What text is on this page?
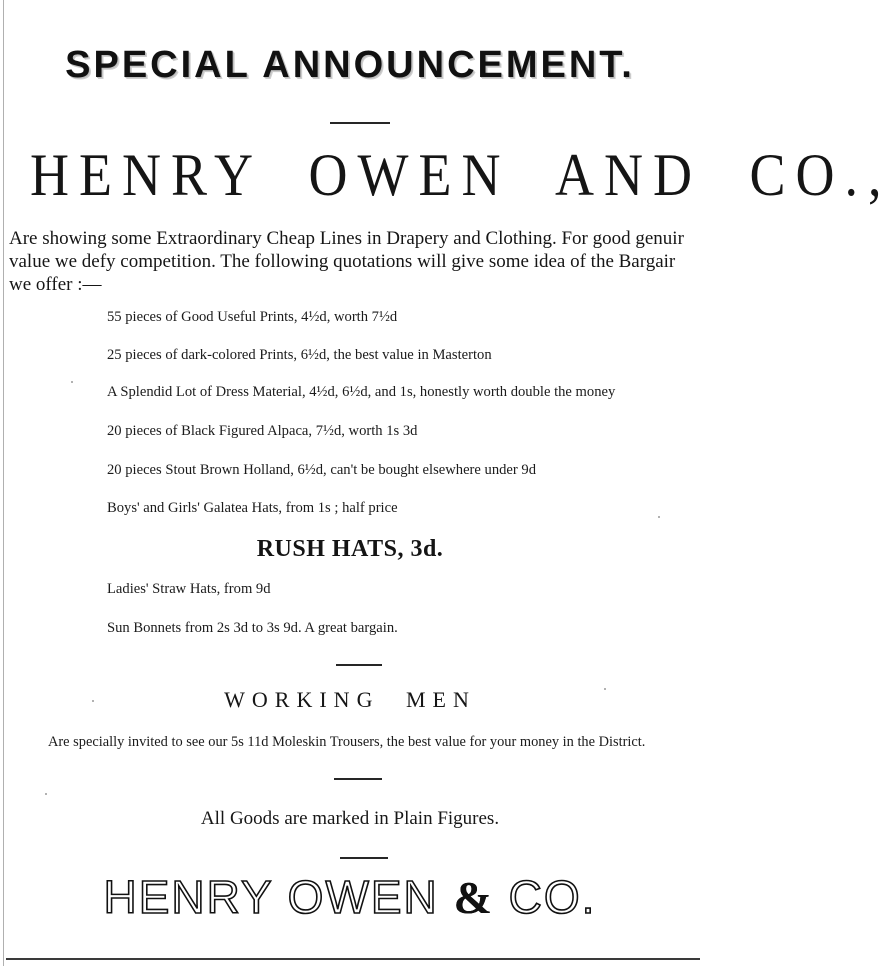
SPECIAL ANNOUNCEMENT.
HENRY OWEN AND CO.,
Are showing some Extraordinary Cheap Lines in Drapery and Clothing. For good genuir
value we defy competition. The following quotations will give some idea of the Bargair
we offer :—
55 pieces of Good Useful Prints, 4½d, worth 7½d
25 pieces of dark-colored Prints, 6½d, the best value in Masterton
A Splendid Lot of Dress Material, 4½d, 6½d, and 1s, honestly worth double the money
20 pieces of Black Figured Alpaca, 7½d, worth 1s 3d
20 pieces Stout Brown Holland, 6½d, can't be bought elsewhere under 9d
Boys' and Girls' Galatea Hats, from 1s ; half price
RUSH HATS, 3d.
Ladies' Straw Hats, from 9d
Sun Bonnets from 2s 3d to 3s 9d. A great bargain.
WORKING MEN
Are specially invited to see our 5s 11d Moleskin Trousers, the best value for your money in the District.
All Goods are marked in Plain Figures.
HENRY OWEN & CO.
